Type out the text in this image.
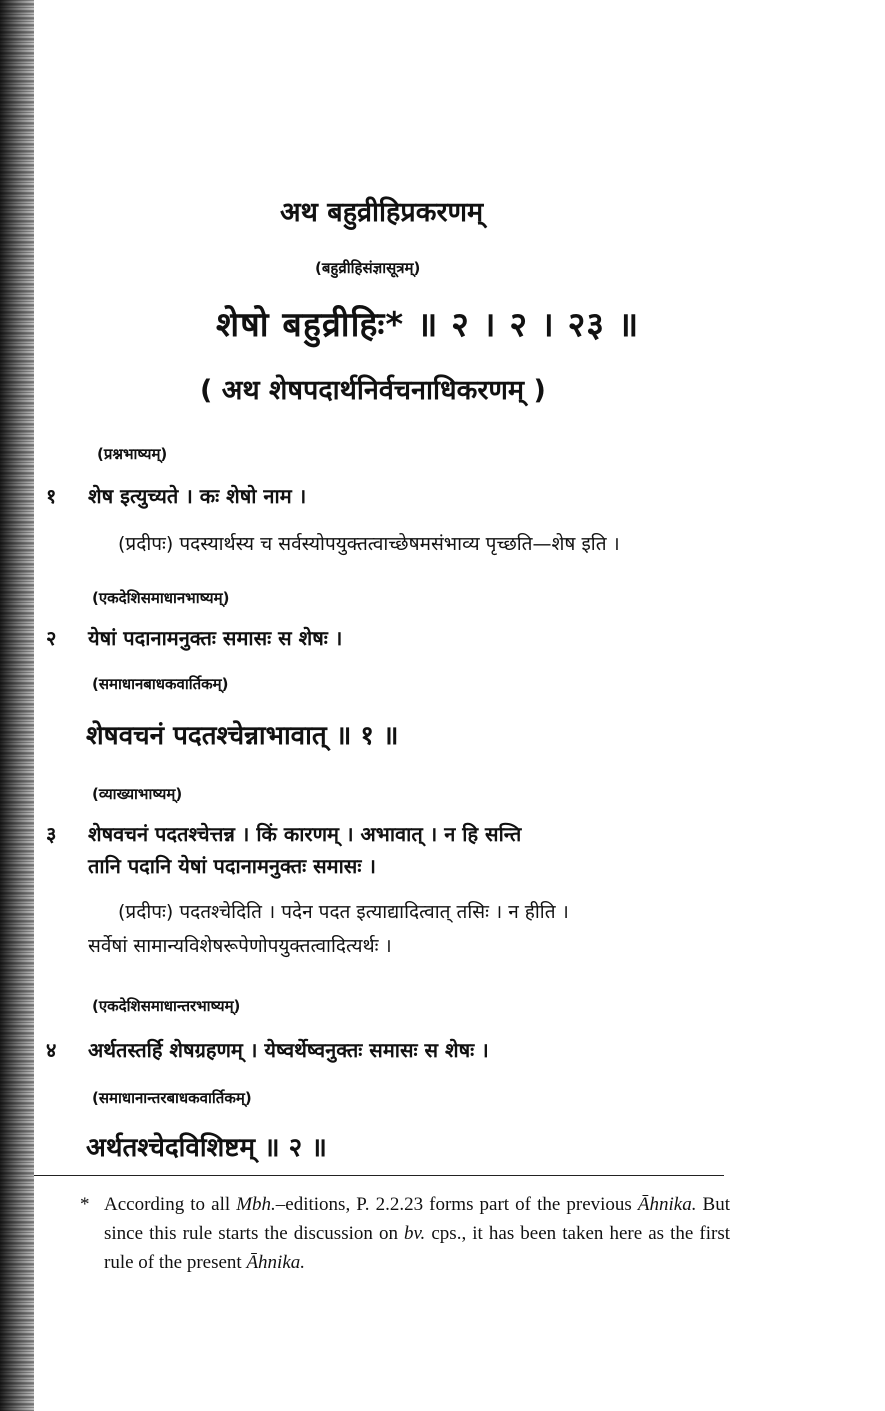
अथ बहुव्रीहिप्रकरणम्
(बहुव्रीहिसंज्ञासूत्रम्)
शेषो बहुव्रीहिः* ॥ २ । २ । २३ ॥
( अथ शेषपदार्थनिर्वचनाधिकरणम् )
(प्रश्नभाष्यम्)
१ शेष इत्युच्यते । कः शेषो नाम ।
(प्रदीपः) पदस्यार्थस्य च सर्वस्योपयुक्तत्वाच्छेषमसंभाव्य पृच्छति—शेष इति ।
(एकदेशिसमाधानभाष्यम्)
२ येषां पदानामनुक्तः समासः स शेषः ।
(समाधानबाधकवार्तिकम्)
शेषवचनं पदतश्चेन्नाभावात् ॥ १ ॥
(व्याख्याभाष्यम्)
३ शेषवचनं पदतश्चेत्तन्न । किं कारणम् । अभावात् । न हि सन्ति
तानि पदानि येषां पदानामनुक्तः समासः ।
(प्रदीपः) पदतश्चेदिति । पदेन पदत इत्याद्यादित्वात् तसिः । न हीति ।
सर्वेषां सामान्यविशेषरूपेणोपयुक्तत्वादित्यर्थः ।
(एकदेशिसमाधान्तरभाष्यम्)
४ अर्थतस्तर्हि शेषग्रहणम् । येष्वर्थेष्वनुक्तः समासः स शेषः ।
(समाधानान्तरबाधकवार्तिकम्)
अर्थतश्चेदविशिष्टम् ॥ २ ॥
* According to all Mbh.–editions, P. 2.2.23 forms part of the previous Āhnika. But since this rule starts the discussion on bv. cps., it has been taken here as the first rule of the present Āhnika.
